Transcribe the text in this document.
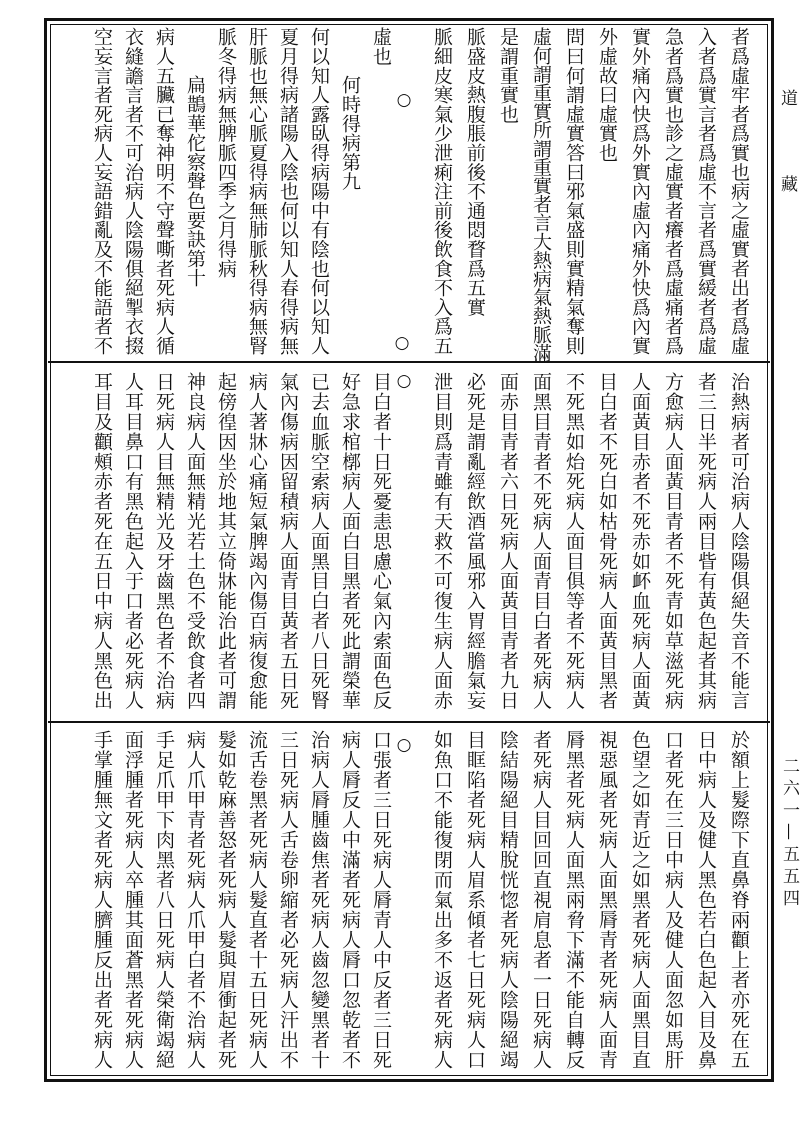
道
藏
二六一—五五四
○
○
○
○
者爲虛牢者爲實也病之虛實者出者爲虛
入者爲實言者爲虛不言者爲實緩者爲虛
急者爲實也診之虛實者癢者爲虛痛者爲
實外痛內快爲外實內虛內痛外快爲內實
外虛故曰虛實也
問曰何謂虛實答曰邪氣盛則實精氣奪則
虛何謂重實所謂重實者言大熱病氣熱脈滿
是謂重實也
脈盛皮熱腹脹前後不通悶瞀爲五實
脈細皮寒氣少泄痢注前後飲食不入爲五
虛也
何時得病第九
何以知人露臥得病陽中有陰也何以知人
夏月得病諸陽入陰也何以知人春得病無
肝脈也無心脈夏得病無肺脈秋得病無腎
脈冬得病無脾脈四季之月得病
扁鵲華佗察聲色要訣第十
病人五臟已奪神明不守聲嘶者死病人循
衣縫譫言者不可治病人陰陽俱絕掣衣掇
空妄言者死病人妄語錯亂及不能語者不
治熱病者可治病人陰陽俱絕失音不能言
者三日半死病人兩目眥有黃色起者其病
方愈病人面黃目青者不死青如草滋死病
人面黃目赤者不死赤如衃血死病人面黃
目白者不死白如枯骨死病人面黃目黑者
不死黑如炲死病人面目俱等者不死病人
面黑目青者不死病人面青目白者死病人
面赤目青者六日死病人面黃目青者九日
必死是謂亂經飲酒當風邪入胃經膽氣妄
泄目則爲青雖有天救不可復生病人面赤
目白者十日死憂恚思慮心氣內索面色反
好急求棺槨病人面白目黑者死此謂榮華
已去血脈空索病人面黑目白者八日死腎
氣內傷病因留積病人面青目黃者五日死
病人著牀心痛短氣脾竭內傷百病復愈能
起傍徨因坐於地其立倚牀能治此者可謂
神良病人面無精光若土色不受飲食者四
日死病人目無精光及牙齒黑色者不治病
人耳目鼻口有黑色起入于口者必死病人
耳目及顴頰赤者死在五日中病人黑色出
於額上髮際下直鼻脊兩顴上者亦死在五
日中病人及健人黑色若白色起入目及鼻
口者死在三日中病人及健人面忽如馬肝
色望之如青近之如黑者死病人面黑目直
視惡風者死病人面黑脣青者死病人面青
脣黑者死病人面黑兩脅下滿不能自轉反
者死病人目回回直視肩息者一日死病人
陰結陽絕目精脫恍惚者死病人陰陽絕竭
目眶陷者死病人眉系傾者七日死病人口
如魚口不能復閉而氣出多不返者死病人
口張者三日死病人脣青人中反者三日死
病人脣反人中滿者死病人脣口忽乾者不
治病人脣腫齒焦者死病人齒忽變黑者十
三日死病人舌卷卵縮者必死病人汗出不
流舌卷黑者死病人髮直者十五日死病人
髮如乾麻善怒者死病人髮與眉衝起者死
病人爪甲青者死病人爪甲白者不治病人
手足爪甲下肉黑者八日死病人榮衛竭絕
面浮腫者死病人卒腫其面蒼黑者死病人
手掌腫無文者死病人臍腫反出者死病人
